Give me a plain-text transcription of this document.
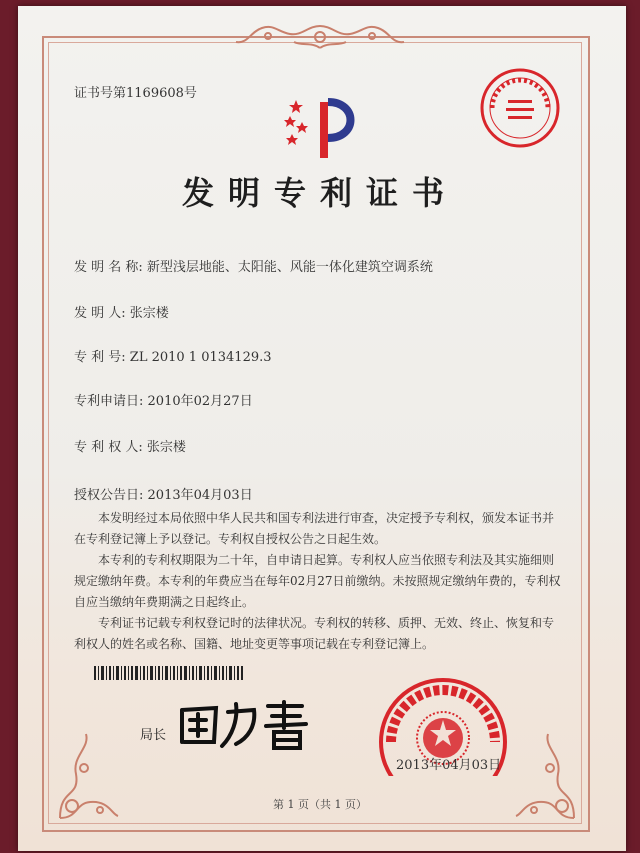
证书号第1169608号
发明专利证书
发 明 名 称: 新型浅层地能、太阳能、风能一体化建筑空调系统
发 明 人: 张宗楼
专 利 号: ZL 2010 1 0134129.3
专利申请日: 2010年02月27日
专 利 权 人: 张宗楼
授权公告日: 2013年04月03日

本发明经过本局依照中华人民共和国专利法进行审查，决定授予专利权，颁发本证书并在专利登记簿上予以登记。专利权自授权公告之日起生效。

本专利的专利权期限为二十年，自申请日起算。专利权人应当依照专利法及其实施细则规定缴纳年费。本专利的年费应当在每年02月27日前缴纳。未按照规定缴纳年费的，专利权自应当缴纳年费期满之日起终止。

专利证书记载专利权登记时的法律状况。专利权的转移、质押、无效、终止、恢复和专利权人的姓名或名称、国籍、地址变更等事项记载在专利登记簿上。

局长
2013年04月03日
第 1 页（共 1 页）
